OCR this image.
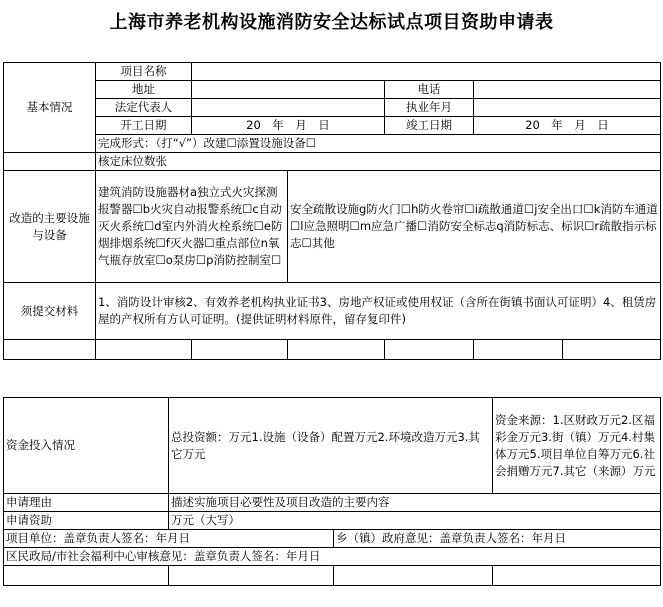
上海市养老机构设施消防安全达标试点项目资助申请表
基本情况	项目名称					
	地址			电话		
	法定代表人			执业年月		
	开工日期	20　年　月　日		竣工日期	20　年　月　日	
	完成形式：（打“√”）改建☐添置设施设备☐					
	核定床位数张					
改造的主要设施与设备	建筑消防设施器材a独立式火灾探测报警器☐b火灾自动报警系统☐c自动灭火系统☐d室内外消火栓系统☐e防烟排烟系统☐f灭火器☐重点部位n氧气瓶存放室☐o泵房☐p消防控制室☐		安全疏散设施g防火门☐h防火卷帘☐i疏散通道☐j安全出口☐k消防车通道☐l应急照明☐m应急广播☐消防安全标志q消防标志、标识☐r疏散指示标志☐其他			
须提交材料	1、消防设计审核2、有效养老机构执业证书3、房地产权证或使用权证（含所在街镇书面认可证明）4、租赁房屋的产权所有方认可证明。(提供证明材料原件，留存复印件)					

资金投入情况	总投资额：万元1.设施（设备）配置万元2.环境改造万元3.其它万元		资金来源：1.区财政万元2.区福彩金万元3.街（镇）万元4.村集体万元5.项目单位自筹万元6.社会捐赠万元7.其它（来源）万元
申请理由	描述实施项目必要性及项目改造的主要内容		
申请资助	万元（大写）		
项目单位：盖章负责人签名：年月日		乡（镇）政府意见：盖章负责人签名：年月日	
区民政局/市社会福利中心审核意见：盖章负责人签名：年月日			
